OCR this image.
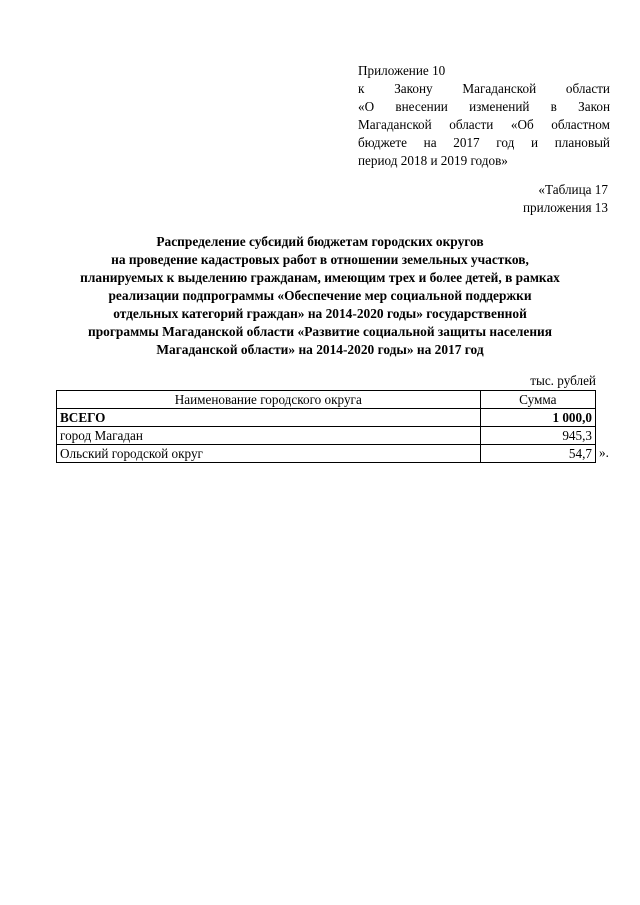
Приложение 10
к Закону Магаданской области
«О внесении изменений в Закон
Магаданской области «Об областном
бюджете на 2017 год и плановый
период 2018 и 2019 годов»
«Таблица 17
приложения 13
Распределение субсидий бюджетам городских округов
на проведение кадастровых работ в отношении земельных участков,
планируемых к выделению гражданам, имеющим трех и более детей, в рамках
реализации подпрограммы «Обеспечение мер социальной поддержки
отдельных категорий граждан» на 2014-2020 годы» государственной
программы Магаданской области «Развитие социальной защиты населения
Магаданской области» на 2014-2020 годы» на 2017 год
тыс. рублей
Наименование городского округа	Сумма
ВСЕГО	1 000,0
город Магадан	945,3
Ольский городской округ	54,7 ».
